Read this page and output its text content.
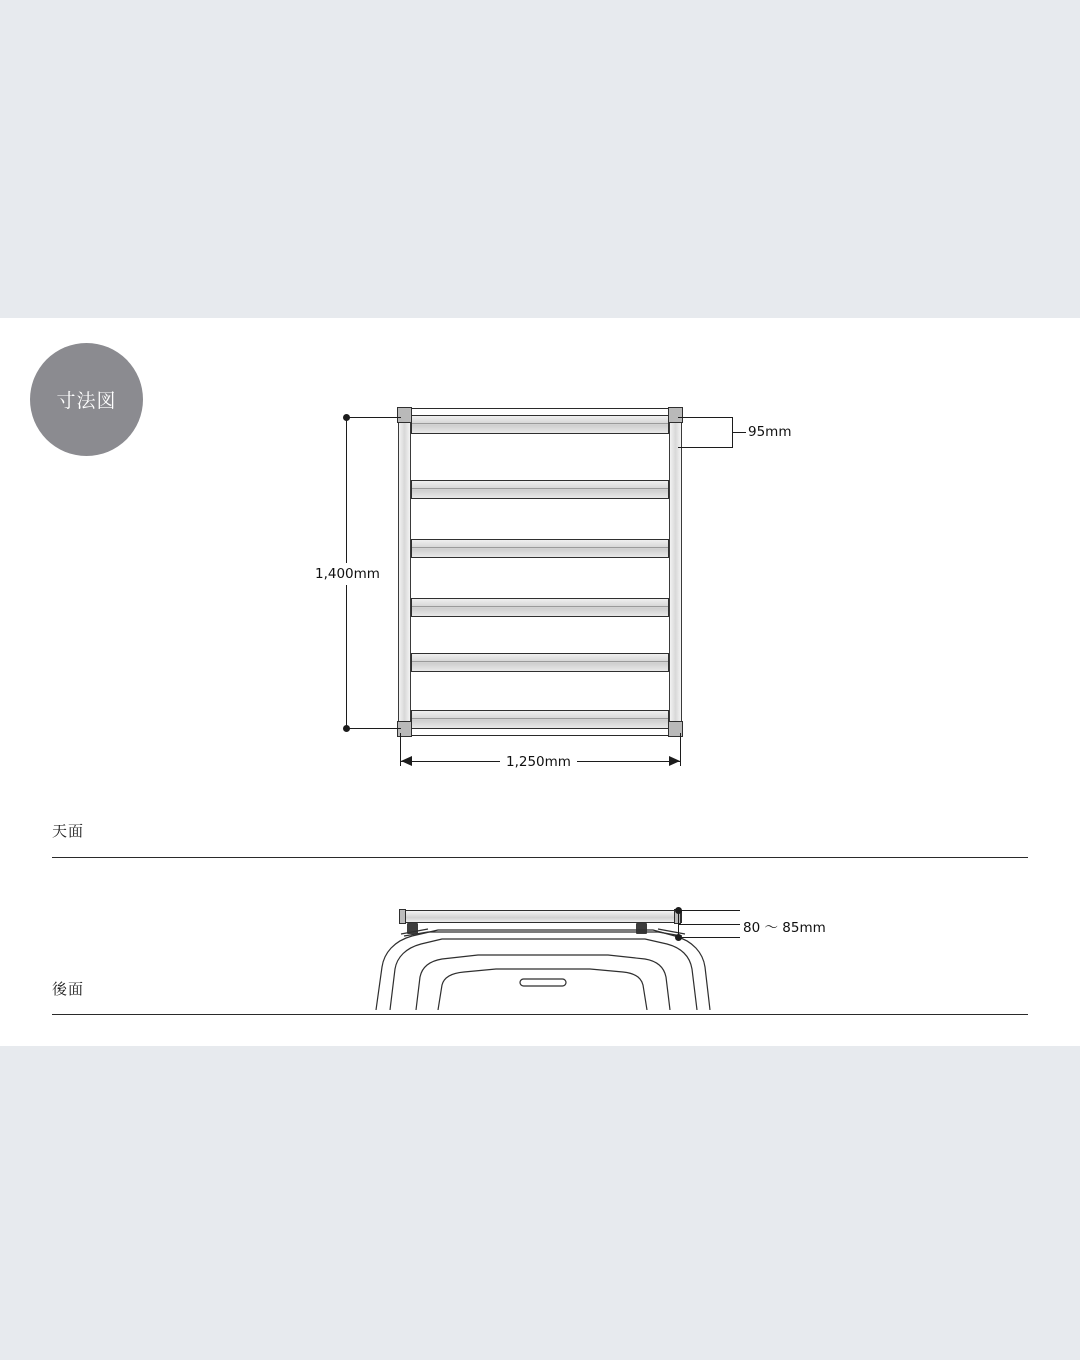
寸法図
1,400mm
95mm
1,250mm
天面
80 〜 85mm
後面
